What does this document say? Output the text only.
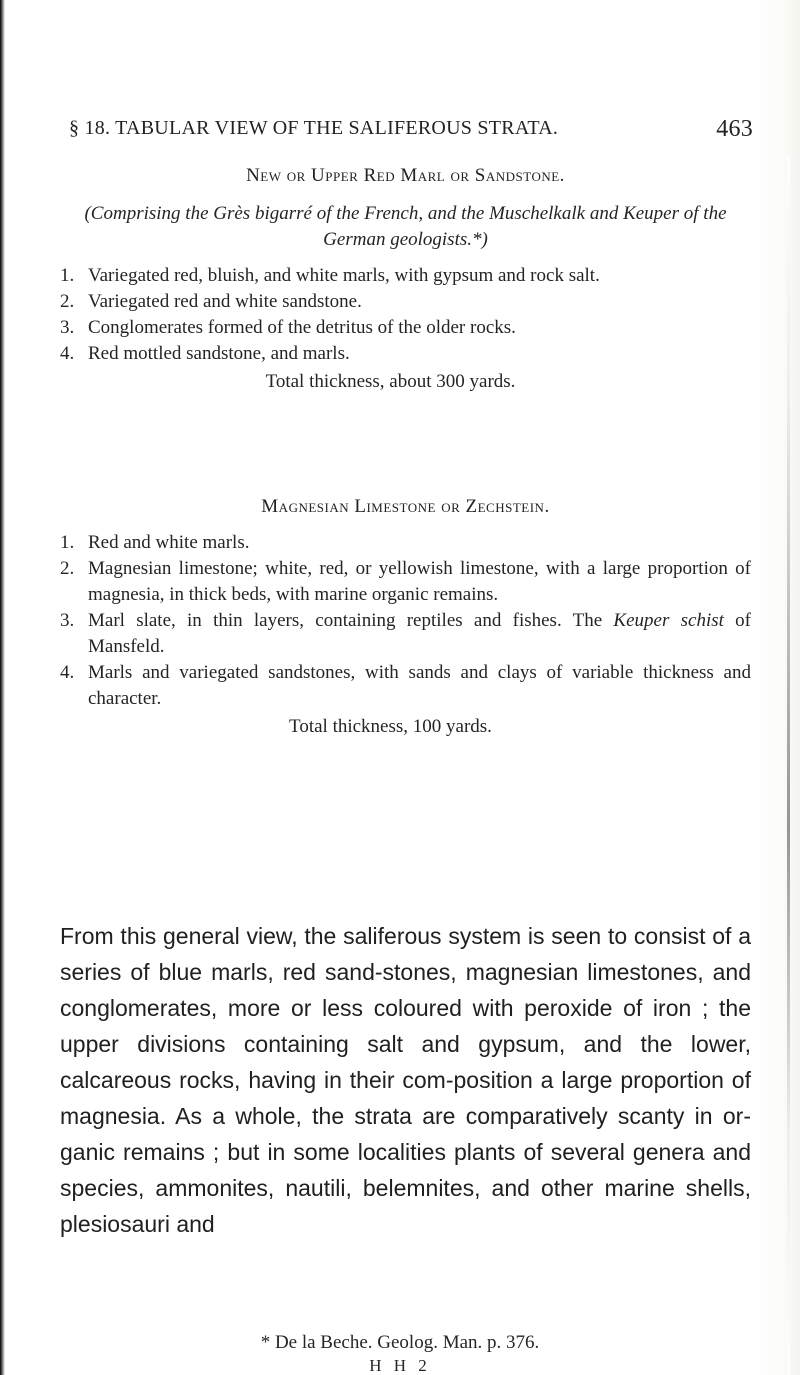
§ 18. TABULAR VIEW OF THE SALIFEROUS STRATA.	463
New or Upper Red Marl or Sandstone.

(Comprising the Grès bigarré of the French, and the Muschelkalk and Keuper of the German geologists.*)

1. Variegated red, bluish, and white marls, with gypsum and rock salt.
2. Variegated red and white sandstone.
3. Conglomerates formed of the detritus of the older rocks.
4. Red mottled sandstone, and marls.

Total thickness, about 300 yards.

Magnesian Limestone or Zechstein.
1. Red and white marls.
2. Magnesian limestone; white, red, or yellowish limestone, with a large proportion of magnesia, in thick beds, with marine organic remains.
3. Marl slate, in thin layers, containing reptiles and fishes. The Keuper schist of Mansfeld.
4. Marls and variegated sandstones, with sands and clays of variable thickness and character.

Total thickness, 100 yards.

From this general view, the saliferous system is seen to consist of a series of blue marls, red sand-stones, magnesian limestones, and conglomerates, more or less coloured with peroxide of iron ; the upper divisions containing salt and gypsum, and the lower, calcareous rocks, having in their com-position a large proportion of magnesia. As a whole, the strata are comparatively scanty in or-ganic remains ; but in some localities plants of several genera and species, ammonites, nautili, belemnites, and other marine shells, plesiosauri and

* De la Beche. Geolog. Man. p. 376.
H H 2
